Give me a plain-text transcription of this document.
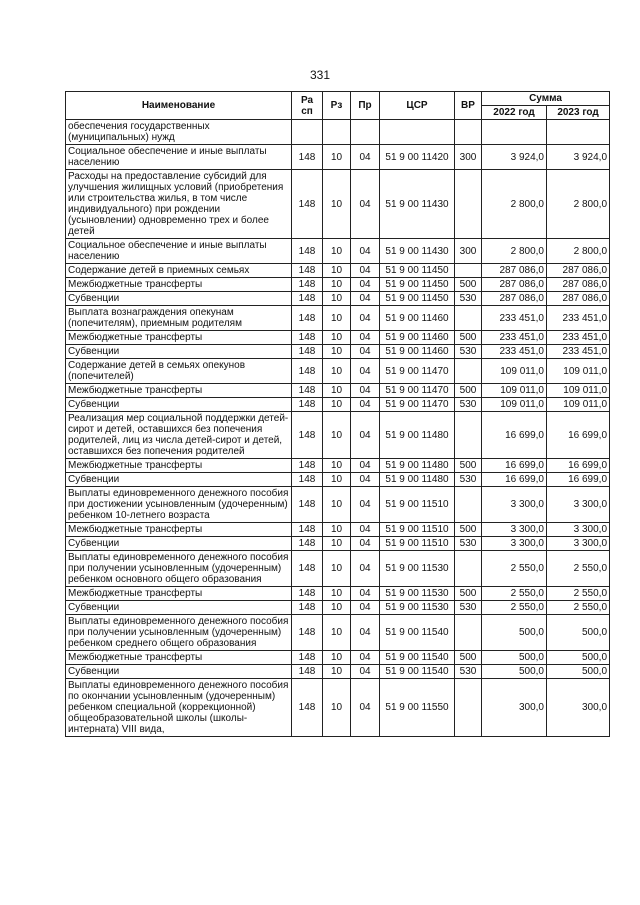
331
Наименование	Ра сп	Рз	Пр	ЦСР	ВР	Сумма	
						2022 год	2023 год
обеспечения государственных (муниципальных) нужд							
Социальное обеспечение и иные выплаты населению	148	10	04	51 9 00 11420	300	3 924,0	3 924,0
Расходы на предоставление субсидий для улучшения жилищных условий (приобретения или строительства жилья, в том числе индивидуального) при рождении (усыновлении) одновременно трех и более детей	148	10	04	51 9 00 11430		2 800,0	2 800,0
Социальное обеспечение и иные выплаты населению	148	10	04	51 9 00 11430	300	2 800,0	2 800,0
Содержание детей в приемных семьях	148	10	04	51 9 00 11450		287 086,0	287 086,0
Межбюджетные трансферты	148	10	04	51 9 00 11450	500	287 086,0	287 086,0
Субвенции	148	10	04	51 9 00 11450	530	287 086,0	287 086,0
Выплата вознаграждения опекунам (попечителям), приемным родителям	148	10	04	51 9 00 11460		233 451,0	233 451,0
Межбюджетные трансферты	148	10	04	51 9 00 11460	500	233 451,0	233 451,0
Субвенции	148	10	04	51 9 00 11460	530	233 451,0	233 451,0
Содержание детей в семьях опекунов (попечителей)	148	10	04	51 9 00 11470		109 011,0	109 011,0
Межбюджетные трансферты	148	10	04	51 9 00 11470	500	109 011,0	109 011,0
Субвенции	148	10	04	51 9 00 11470	530	109 011,0	109 011,0
Реализация мер социальной поддержки детей-сирот и детей, оставшихся без попечения родителей, лиц из числа детей-сирот и детей, оставшихся без попечения родителей	148	10	04	51 9 00 11480		16 699,0	16 699,0
Межбюджетные трансферты	148	10	04	51 9 00 11480	500	16 699,0	16 699,0
Субвенции	148	10	04	51 9 00 11480	530	16 699,0	16 699,0
Выплаты единовременного денежного пособия при достижении усыновленным (удочеренным) ребенком 10-летнего возраста	148	10	04	51 9 00 11510		3 300,0	3 300,0
Межбюджетные трансферты	148	10	04	51 9 00 11510	500	3 300,0	3 300,0
Субвенции	148	10	04	51 9 00 11510	530	3 300,0	3 300,0
Выплаты единовременного денежного пособия при получении усыновленным (удочеренным) ребенком основного общего образования	148	10	04	51 9 00 11530		2 550,0	2 550,0
Межбюджетные трансферты	148	10	04	51 9 00 11530	500	2 550,0	2 550,0
Субвенции	148	10	04	51 9 00 11530	530	2 550,0	2 550,0
Выплаты единовременного денежного пособия при получении усыновленным (удочеренным) ребенком среднего общего образования	148	10	04	51 9 00 11540		500,0	500,0
Межбюджетные трансферты	148	10	04	51 9 00 11540	500	500,0	500,0
Субвенции	148	10	04	51 9 00 11540	530	500,0	500,0
Выплаты единовременного денежного пособия по окончании усыновленным (удочеренным) ребенком специальной (коррекционной) общеобразовательной школы (школы-интерната) VIII вида,	148	10	04	51 9 00 11550		300,0	300,0
